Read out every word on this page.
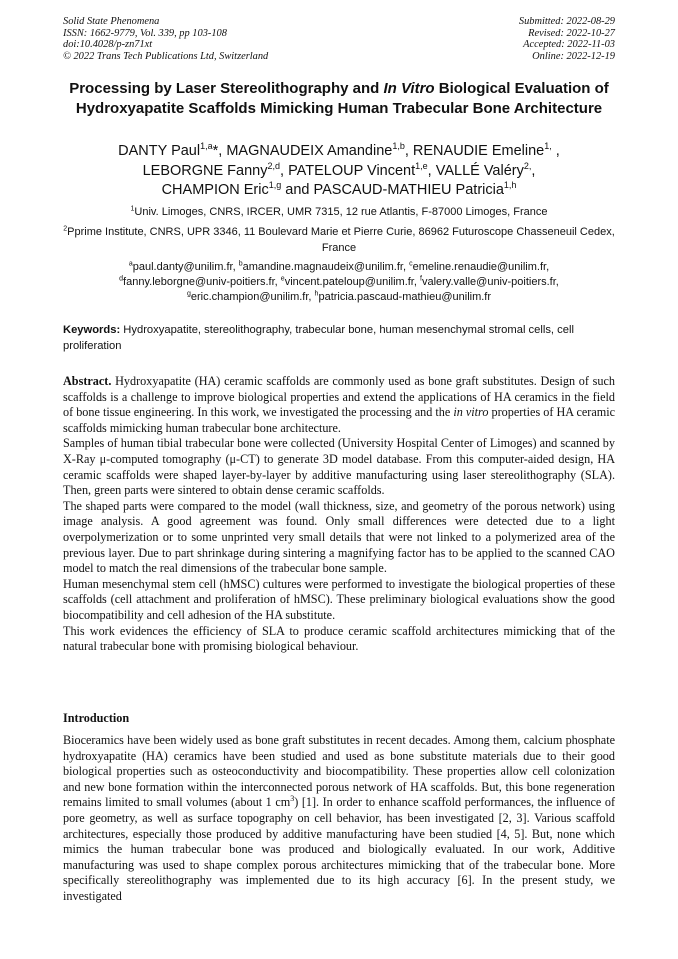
Solid State Phenomena
ISSN: 1662-9779, Vol. 339, pp 103-108
doi:10.4028/p-zn71xt
© 2022 Trans Tech Publications Ltd, Switzerland
Submitted: 2022-08-29
Revised: 2022-10-27
Accepted: 2022-11-03
Online: 2022-12-19
Processing by Laser Stereolithography and In Vitro Biological Evaluation of Hydroxyapatite Scaffolds Mimicking Human Trabecular Bone Architecture
DANTY Paul$^{1,a}$*, MAGNAUDEIX Amandine$^{1,b}$, RENAUDIE Emeline$^{1,}$ ,
LEBORGNE Fanny$^{2,d}$, PATELOUP Vincent$^{1,e}$, VALLÉ Valéry$^{2,}$,
CHAMPION Eric$^{1,g}$ and PASCAUD-MATHIEU Patricia$^{1,h}$
$^1$Univ. Limoges, CNRS, IRCER, UMR 7315, 12 rue Atlantis, F-87000 Limoges, France
$^2$Pprime Institute, CNRS, UPR 3346, 11 Boulevard Marie et Pierre Curie, 86962 Futuroscope Chasseneuil Cedex, France
$^a$paul.danty@unilim.fr, $^b$amandine.magnaudeix@unilim.fr, $^c$emeline.renaudie@unilim.fr,
$^d$fanny.leborgne@univ-poitiers.fr, $^e$vincent.pateloup@unilim.fr, $^f$valery.valle@univ-poitiers.fr,
$^g$eric.champion@unilim.fr, $^h$patricia.pascaud-mathieu@unilim.fr
Keywords: Hydroxyapatite, stereolithography, trabecular bone, human mesenchymal stromal cells, cell proliferation

Abstract. Hydroxyapatite (HA) ceramic scaffolds are commonly used as bone graft substitutes. Design of such scaffolds is a challenge to improve biological properties and extend the applications of HA ceramics in the field of bone tissue engineering. In this work, we investigated the processing and the in vitro properties of HA ceramic scaffolds mimicking human trabecular bone architecture.

Samples of human tibial trabecular bone were collected (University Hospital Center of Limoges) and scanned by X-Ray μ-computed tomography (μ-CT) to generate 3D model database. From this computer-aided design, HA ceramic scaffolds were shaped layer-by-layer by additive manufacturing using laser stereolithography (SLA). Then, green parts were sintered to obtain dense ceramic scaffolds.

The shaped parts were compared to the model (wall thickness, size, and geometry of the porous network) using image analysis. A good agreement was found. Only small differences were detected due to a light overpolymerization or to some unprinted very small details that were not linked to a polymerized area of the previous layer. Due to part shrinkage during sintering a magnifying factor has to be applied to the scanned CAO model to match the real dimensions of the trabecular bone sample.

Human mesenchymal stem cell (hMSC) cultures were performed to investigate the biological properties of these scaffolds (cell attachment and proliferation of hMSC). These preliminary biological evaluations show the good biocompatibility and cell adhesion of the HA substitute.

This work evidences the efficiency of SLA to produce ceramic scaffold architectures mimicking that of the natural trabecular bone with promising biological behaviour.

Introduction

Bioceramics have been widely used as bone graft substitutes in recent decades. Among them, calcium phosphate hydroxyapatite (HA) ceramics have been studied and used as bone substitute materials due to their good biological properties such as osteoconductivity and biocompatibility. These properties allow cell colonization and new bone formation within the interconnected porous network of HA scaffolds. But, this bone regeneration remains limited to small volumes (about 1 $cm^3$) [1]. In order to enhance scaffold performances, the influence of pore geometry, as well as surface topography on cell behavior, has been investigated [2, 3]. Various scaffold architectures, especially those produced by additive manufacturing have been studied [4, 5]. But, none which mimics the human trabecular bone was produced and biologically evaluated. In our work, Additive manufacturing was used to shape complex porous architectures mimicking that of the trabecular bone. More specifically stereolithography was implemented due to its high accuracy [6]. In the present study, we investigated
